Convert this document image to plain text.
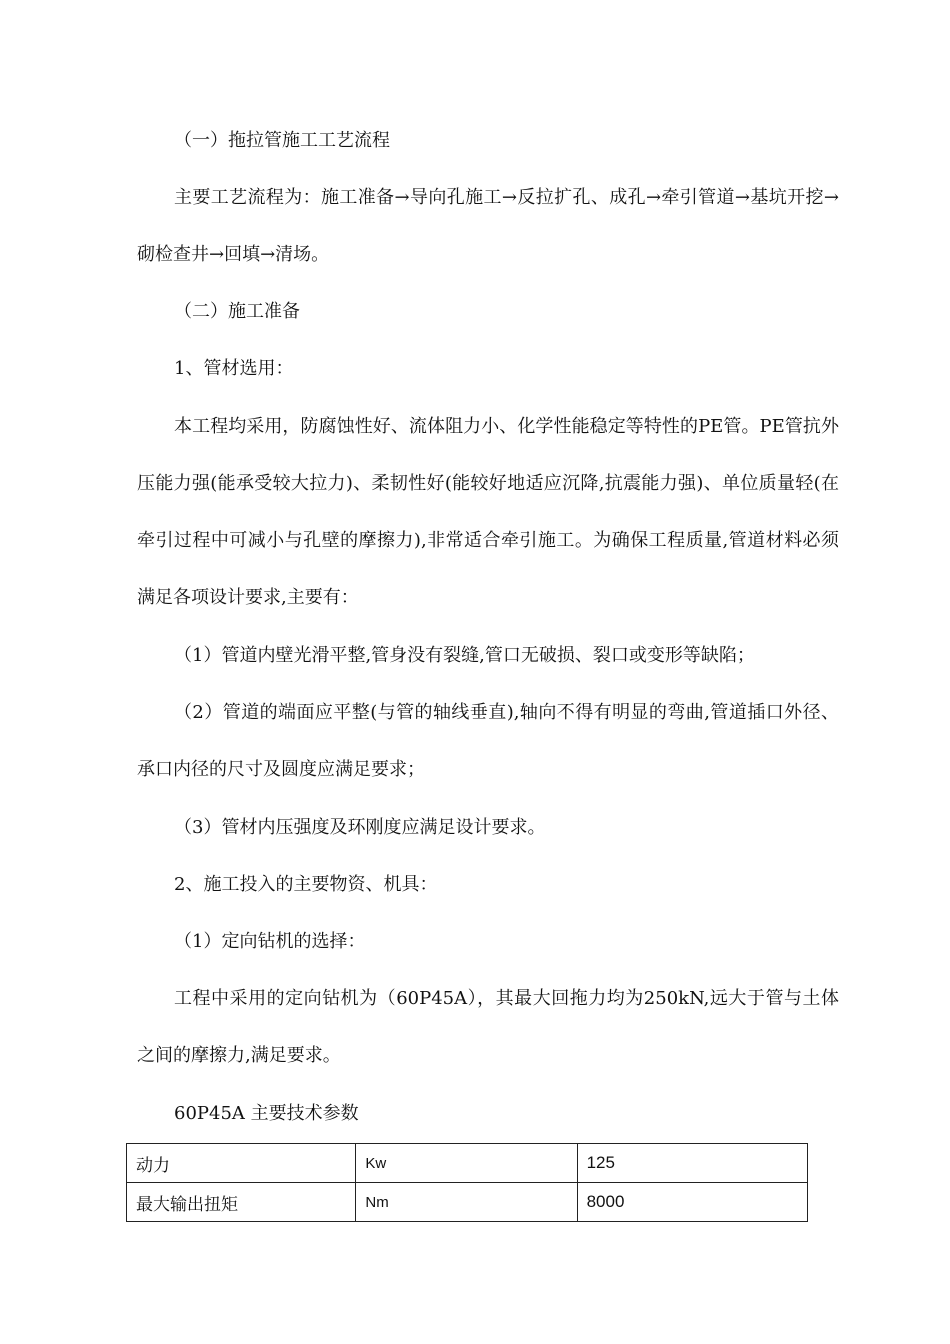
（一）拖拉管施工工艺流程

主要工艺流程为：施工准备→导向孔施工→反拉扩孔、成孔→牵引管道→基坑开挖→砌检查井→回填→清场。

（二）施工准备

1、管材选用：

本工程均采用，防腐蚀性好、流体阻力小、化学性能稳定等特性的PE管。PE管抗外压能力强(能承受较大拉力)、柔韧性好(能较好地适应沉降,抗震能力强)、单位质量轻(在牵引过程中可减小与孔壁的摩擦力),非常适合牵引施工。为确保工程质量,管道材料必须满足各项设计要求,主要有：

（1）管道内壁光滑平整,管身没有裂缝,管口无破损、裂口或变形等缺陷；

（2）管道的端面应平整(与管的轴线垂直),轴向不得有明显的弯曲,管道插口外径、承口内径的尺寸及圆度应满足要求；

（3）管材内压强度及环刚度应满足设计要求。

2、施工投入的主要物资、机具：

（1）定向钻机的选择：

工程中采用的定向钻机为（60P45A），其最大回拖力均为250kN,远大于管与土体之间的摩擦力,满足要求。

60P45A 主要技术参数

动力	Kw	125
最大输出扭矩	Nm	8000
